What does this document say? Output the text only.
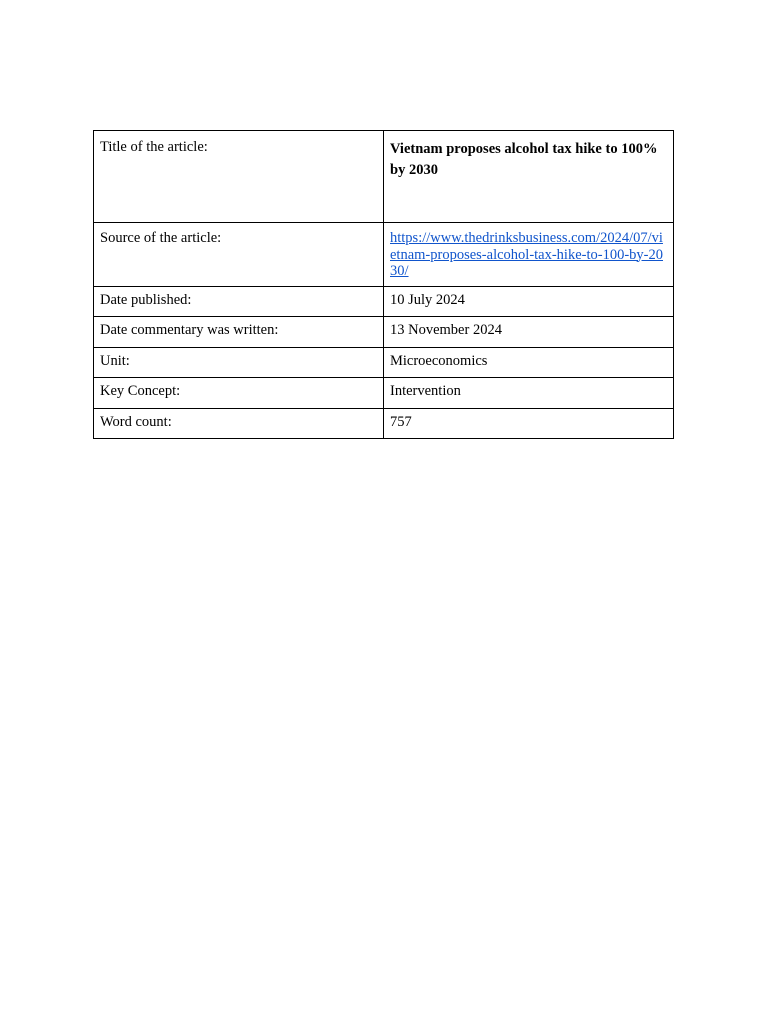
Title of the article:	Vietnam proposes alcohol tax hike to 100% by 2030

Source of the article:	https://www.thedrinksbusiness.com/2024/07/vietnam-proposes-alcohol-tax-hike-to-100-by-2030/

Date published:	10 July 2024
Date commentary was written:	13 November 2024
Unit:	Microeconomics
Key Concept:	Intervention
Word count:	757
